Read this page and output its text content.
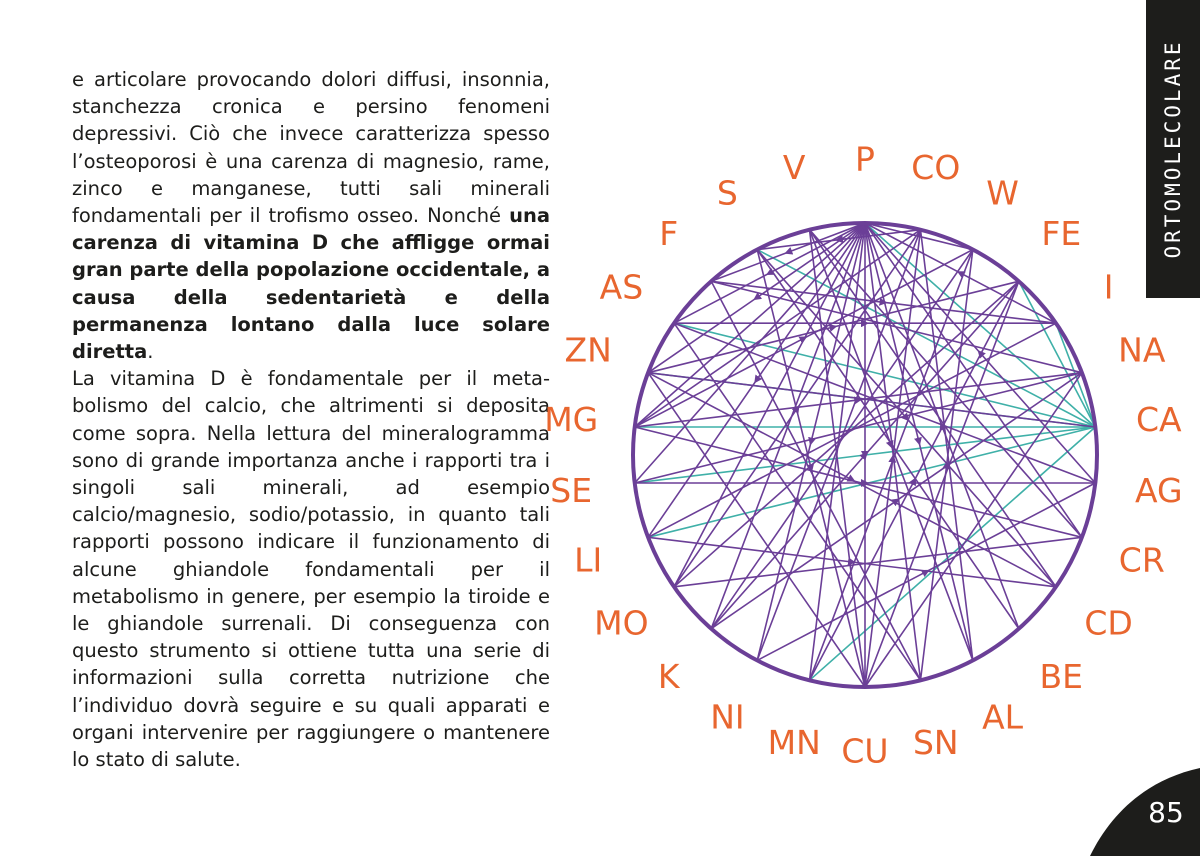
e articolare provocando dolori diffusi, insonnia, stanchezza cronica e persino fenomeni depressivi. Ciò che invece caratterizza spesso l’osteoporosi è una carenza di magnesio, rame, zinco e manganese, tutti sali minerali fondamentali per il trofismo osseo. Nonché una carenza di vitamina D che affligge ormai gran parte della popolazione occidentale, a causa della sedentarietà e della permanenza lontano dalla luce solare diretta.

La vitamina D è fondamentale per il metabolismo del calcio, che altrimenti si deposita come sopra. Nella lettura del mineralogramma sono di grande importanza anche i rapporti tra i singoli sali minerali, ad esempio calcio/magnesio, sodio/potassio, in quanto tali rapporti possono indicare il funzionamento di alcune ghiandole fondamentali per il metabolismo in genere, per esempio la tiroide e le ghiandole surrenali. Di conseguenza con questo strumento si ottiene tutta una serie di informazioni sulla corretta nutrizione che l’individuo dovrà seguire e su quali apparati e organi intervenire per raggiungere o mantenere lo stato di salute.

P CO
W
FE
I
NA
CA
AG
CR
CD
BE
AL
SN
CU
MN
NI
K
MO
LI
SE
MG
ZN
AS
F
S
V	ORTOMOLECOLARE
85
